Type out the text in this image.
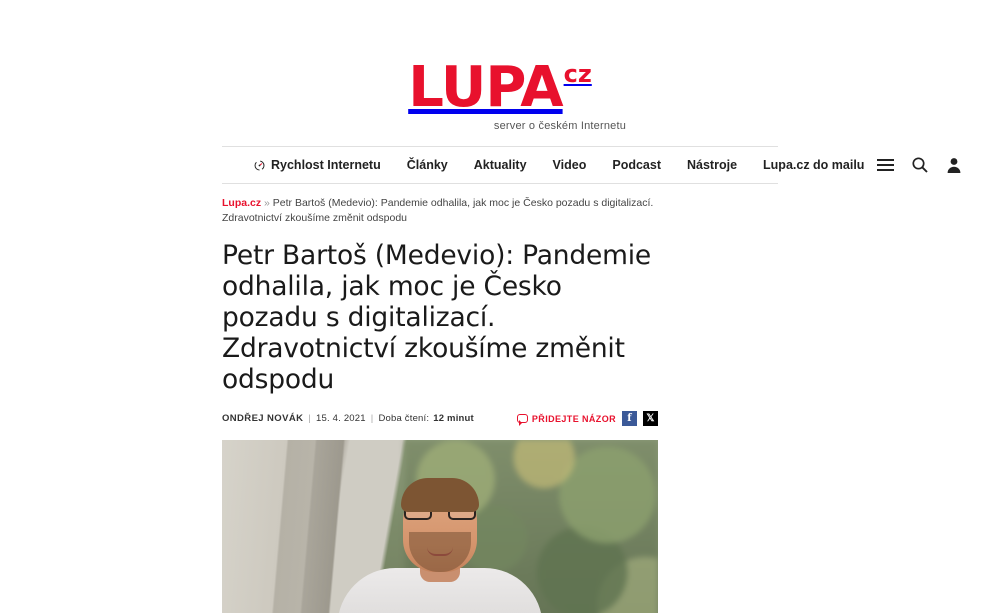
LUPA cz
server o českém Internetu
Rychlost Internetu Články Aktuality Video Podcast Nástroje Lupa.cz do mailu
Lupa.cz » Petr Bartoš (Medevio): Pandemie odhalila, jak moc je Česko pozadu s digitalizací. Zdravotnictví zkoušíme změnit odspodu
Petr Bartoš (Medevio): Pandemie odhalila, jak moc je Česko pozadu s digitalizací. Zdravotnictví zkoušíme změnit odspodu
ONDŘEJ NOVÁK | 15. 4. 2021 | Doba čtení: 12 minut	PŘIDEJTE NÁZOR	f	𝕏
